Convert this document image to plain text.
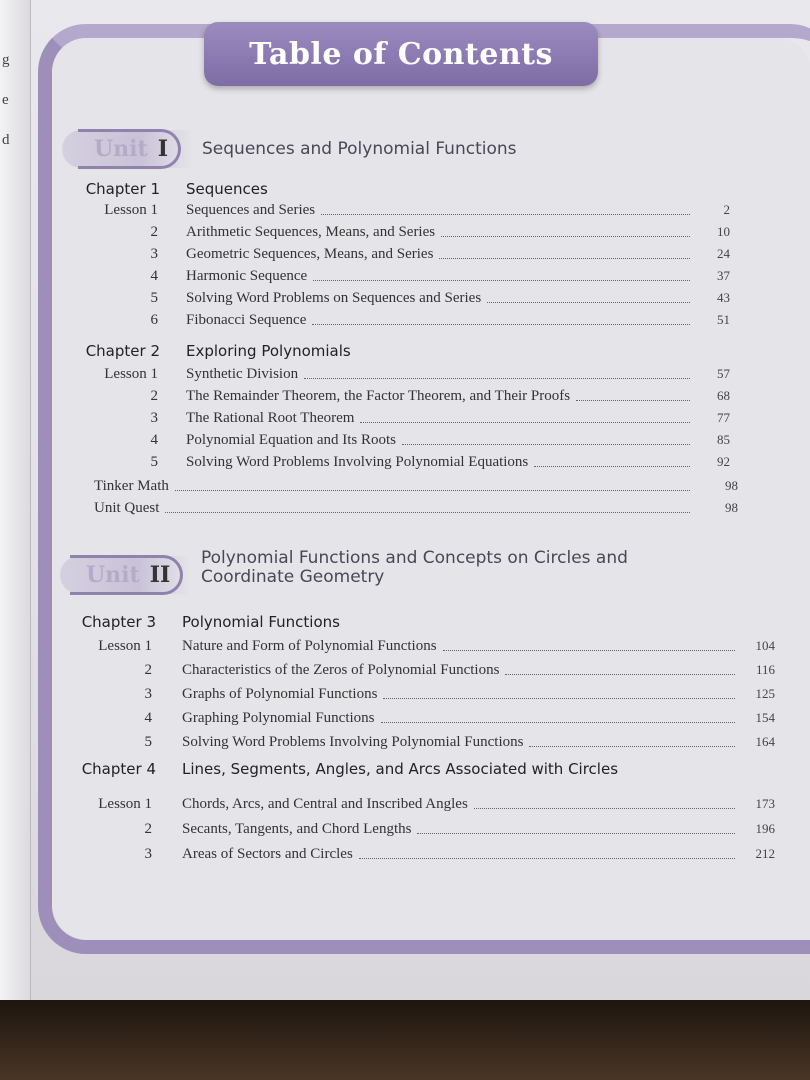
g
e
d
Table of Contents
Unit I Sequences and Polynomial Functions
Chapter 1 Sequences
Lesson 1 Sequences and Series	2
2 Arithmetic Sequences, Means, and Series	10
3 Geometric Sequences, Means, and Series	24
4 Harmonic Sequence	37
5 Solving Word Problems on Sequences and Series	43
6 Fibonacci Sequence	51
Chapter 2 Exploring Polynomials
Lesson 1 Synthetic Division	57
2 The Remainder Theorem, the Factor Theorem, and Their Proofs	68
3 The Rational Root Theorem	77
4 Polynomial Equation and Its Roots	85
5 Solving Word Problems Involving Polynomial Equations	92
Tinker Math	98
Unit Quest	98
Unit II
Polynomial Functions and Concepts on Circles and
Coordinate Geometry
Chapter 3 Polynomial Functions
Lesson 1 Nature and Form of Polynomial Functions	104
2 Characteristics of the Zeros of Polynomial Functions	116
3 Graphs of Polynomial Functions	125
4 Graphing Polynomial Functions	154
5 Solving Word Problems Involving Polynomial Functions	164
Chapter 4 Lines, Segments, Angles, and Arcs Associated with Circles
Lesson 1 Chords, Arcs, and Central and Inscribed Angles	173
2 Secants, Tangents, and Chord Lengths	196
3 Areas of Sectors and Circles	212
